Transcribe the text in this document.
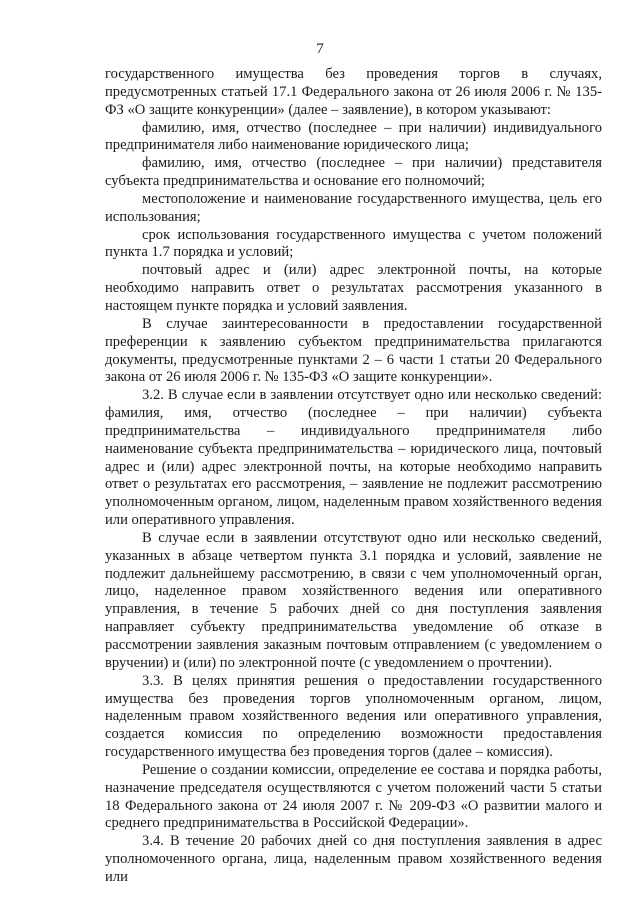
7

государственного имущества без проведения торгов в случаях, предусмотренных статьей 17.1 Федерального закона от 26 июля 2006 г. № 135-ФЗ «О защите конкуренции» (далее – заявление), в котором указывают:

фамилию, имя, отчество (последнее – при наличии) индивидуального предпринимателя либо наименование юридического лица;

фамилию, имя, отчество (последнее – при наличии) представителя субъекта предпринимательства и основание его полномочий;

местоположение и наименование государственного имущества, цель его использования;

срок использования государственного имущества с учетом положений пункта 1.7 порядка и условий;

почтовый адрес и (или) адрес электронной почты, на которые необходимо направить ответ о результатах рассмотрения указанного в настоящем пункте порядка и условий заявления.

В случае заинтересованности в предоставлении государственной преференции к заявлению субъектом предпринимательства прилагаются документы, предусмотренные пунктами 2 – 6 части 1 статьи 20 Федерального закона от 26 июля 2006 г. № 135-ФЗ «О защите конкуренции».

3.2. В случае если в заявлении отсутствует одно или несколько сведений: фамилия, имя, отчество (последнее – при наличии) субъекта предпринимательства – индивидуального предпринимателя либо наименование субъекта предпринимательства – юридического лица, почтовый адрес и (или) адрес электронной почты, на которые необходимо направить ответ о результатах его рассмотрения, – заявление не подлежит рассмотрению уполномоченным органом, лицом, наделенным правом хозяйственного ведения или оперативного управления.

В случае если в заявлении отсутствуют одно или несколько сведений, указанных в абзаце четвертом пункта 3.1 порядка и условий, заявление не подлежит дальнейшему рассмотрению, в связи с чем уполномоченный орган, лицо, наделенное правом хозяйственного ведения или оперативного управления, в течение 5 рабочих дней со дня поступления заявления направляет субъекту предпринимательства уведомление об отказе в рассмотрении заявления заказным почтовым отправлением (с уведомлением о вручении) и (или) по электронной почте (с уведомлением о прочтении).

3.3. В целях принятия решения о предоставлении государственного имущества без проведения торгов уполномоченным органом, лицом, наделенным правом хозяйственного ведения или оперативного управления, создается комиссия по определению возможности предоставления государственного имущества без проведения торгов (далее – комиссия).

Решение о создании комиссии, определение ее состава и порядка работы, назначение председателя осуществляются с учетом положений части 5 статьи 18 Федерального закона от 24 июля 2007 г. № 209-ФЗ «О развитии малого и среднего предпринимательства в Российской Федерации».

3.4. В течение 20 рабочих дней со дня поступления заявления в адрес уполномоченного органа, лица, наделенным правом хозяйственного ведения или
